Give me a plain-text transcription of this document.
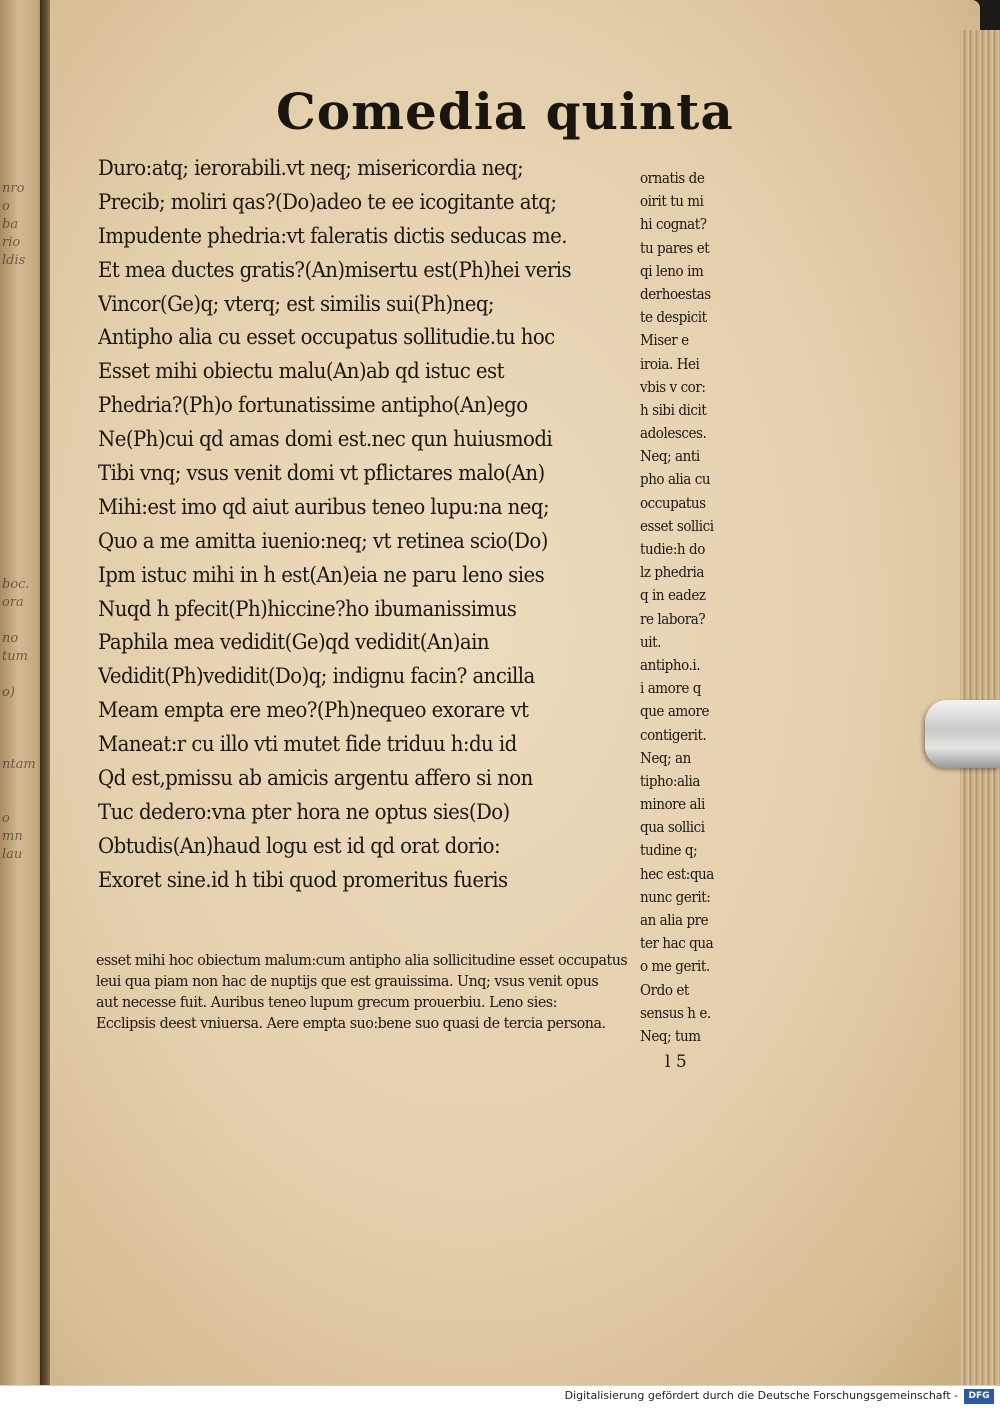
nro
o
ba
rio
ldis

boc.
ora

no
tum

o)

ntam

o
mn
lau
Comedia quinta
Duro:atq; ierorabili.vt neq; misericordia neq;
Precib; moliri qas?(Do)adeo te ee icogitante atq;
Impudente phedria:vt faleratis dictis seducas me.
Et mea ductes gratis?(An)misertu est(Ph)hei veris
Vincor(Ge)q; vterq; est similis sui(Ph)neq;
Antipho alia cu esset occupatus sollitudie.tu hoc
Esset mihi obiectu malu(An)ab qd istuc est
Phedria?(Ph)o fortunatissime antipho(An)ego
Ne(Ph)cui qd amas domi est.nec qun huiusmodi
Tibi vnq; vsus venit domi vt pflictares malo(An)
Mihi:est imo qd aiut auribus teneo lupu:na neq;
Quo a me amitta iuenio:neq; vt retinea scio(Do)
Ipm istuc mihi in h est(An)eia ne paru leno sies
Nuqd h pfecit(Ph)hiccine?ho ibumanissimus
Paphila mea vedidit(Ge)qd vedidit(An)ain
Vedidit(Ph)vedidit(Do)q; indignu facin? ancilla
Meam empta ere meo?(Ph)nequeo exorare vt
Maneat:r cu illo vti mutet fide triduu h:du id
Qd est,pmissu ab amicis argentu affero si non
Tuc dedero:vna pter hora ne optus sies(Do)
Obtudis(An)haud logu est id qd orat dorio:
Exoret sine.id h tibi quod promeritus fueris
ornatis de
oirit tu mi
hi cognat?
tu pares et
qi leno im
derhoestas
te despicit
Miser e
iroia. Hei
vbis v cor:
h sibi dicit
adolesces.
Neq; anti
pho alia cu
occupatus
esset sollici
tudie:h do
lz phedria
q in eadez
re labora?
uit.
antipho.i.
i amore q
que amore
contigerit.
Neq; an
tipho:alia
minore ali
qua sollici
tudine q;
hec est:qua
nunc gerit:
an alia pre
ter hac qua
o me gerit.
Ordo et
sensus h e.
Neq; tum
esset mihi hoc obiectum malum:cum antipho alia sollicitudine esset occupatus
leui qua piam non hac de nuptijs que est grauissima. Unq; vsus venit opus
aut necesse fuit. Auribus teneo lupum grecum prouerbiu. Leno sies:
Ecclipsis deest vniuersa. Aere empta suo:bene suo quasi de tercia persona.
l 5
Digitalisierung gefördert durch die Deutsche Forschungsgemeinschaft -	DFG
